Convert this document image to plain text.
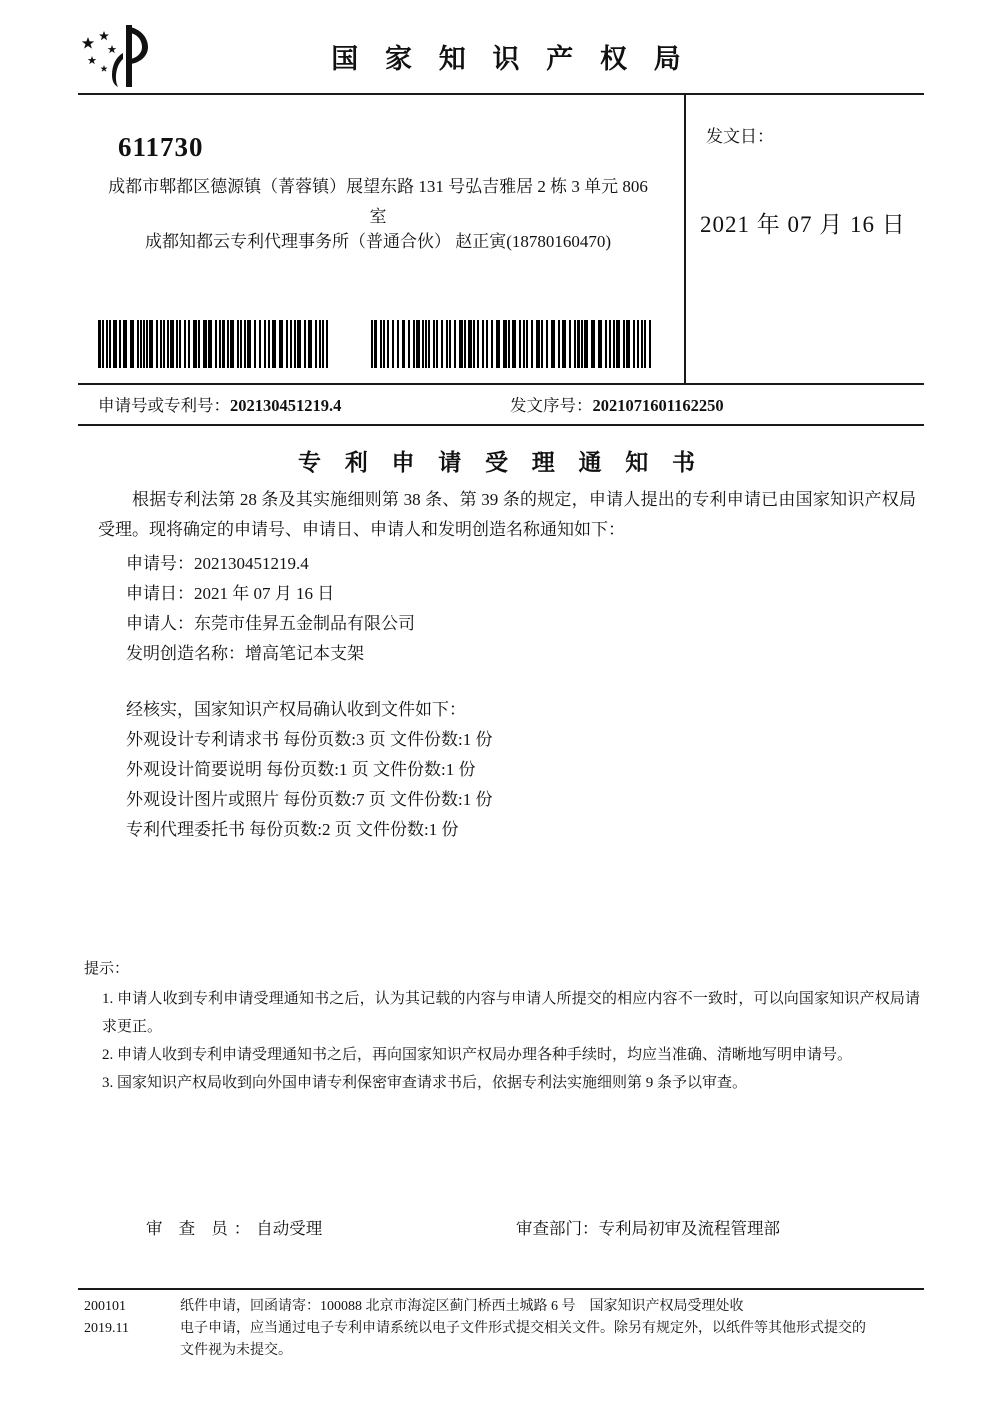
国 家 知 识 产 权 局
611730
成都市郫都区德源镇（菁蓉镇）展望东路 131 号弘吉雅居 2 栋 3 单元 806 室
成都知都云专利代理事务所（普通合伙） 赵正寅(18780160470)
发文日：
2021 年 07 月 16 日
申请号或专利号：202130451219.4	发文序号：2021071601162250
专 利 申 请 受 理 通 知 书

根据专利法第 28 条及其实施细则第 38 条、第 39 条的规定，申请人提出的专利申请已由国家知识产权局受理。现将确定的申请号、申请日、申请人和发明创造名称通知如下：

申请号：202130451219.4
申请日：2021 年 07 月 16 日
申请人：东莞市佳昇五金制品有限公司
发明创造名称：增高笔记本支架
经核实，国家知识产权局确认收到文件如下：
外观设计专利请求书 每份页数:3 页 文件份数:1 份
外观设计简要说明 每份页数:1 页 文件份数:1 份
外观设计图片或照片 每份页数:7 页 文件份数:1 份
专利代理委托书 每份页数:2 页 文件份数:1 份
提示：
1. 申请人收到专利申请受理通知书之后，认为其记载的内容与申请人所提交的相应内容不一致时，可以向国家知识产权局请求更正。
2. 申请人收到专利申请受理通知书之后，再向国家知识产权局办理各种手续时，均应当准确、清晰地写明申请号。
3. 国家知识产权局收到向外国申请专利保密审查请求书后，依据专利法实施细则第 9 条予以审查。
审 查 员：自动受理	审查部门：专利局初审及流程管理部
200101
2019.11
纸件申请，回函请寄：100088 北京市海淀区蓟门桥西土城路 6 号　国家知识产权局受理处收
电子申请，应当通过电子专利申请系统以电子文件形式提交相关文件。除另有规定外，以纸件等其他形式提交的
文件视为未提交。
